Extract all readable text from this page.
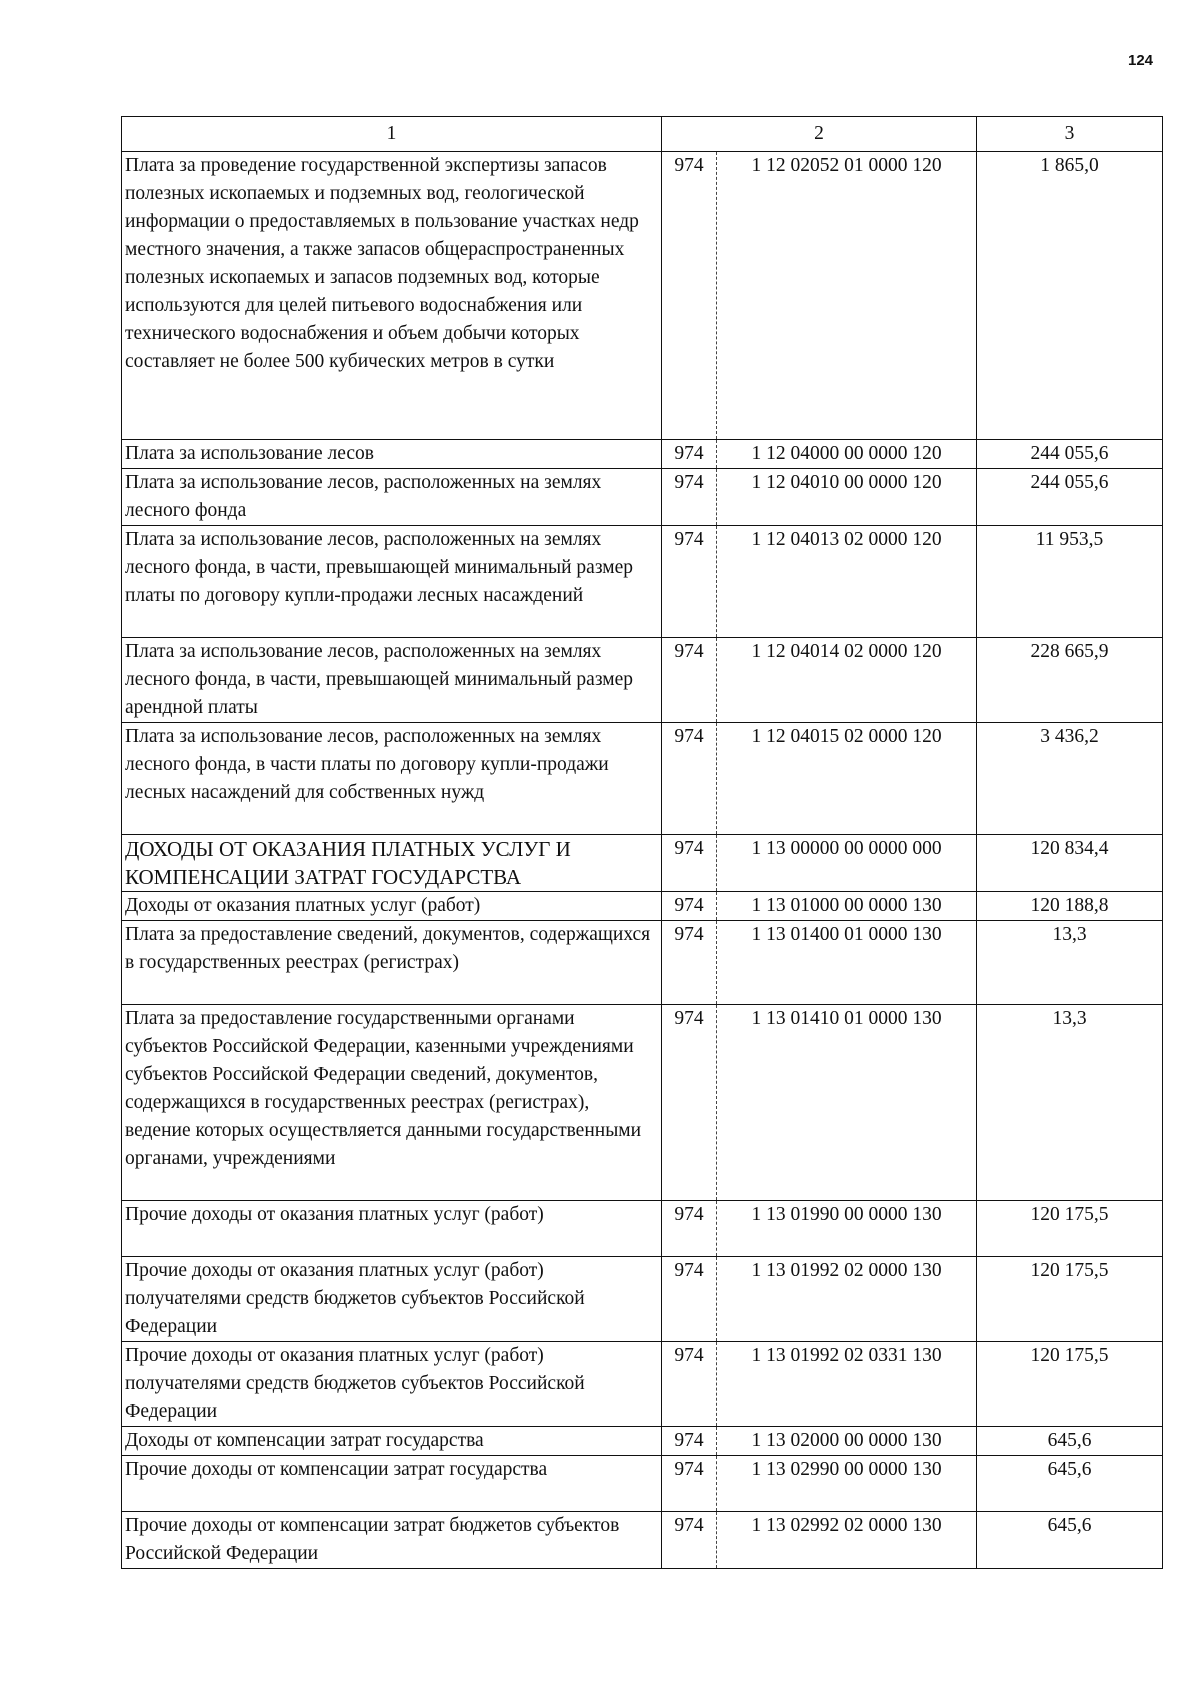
124
1	2		3
Плата за проведение государственной экспертизы запасов полезных ископаемых и подземных вод, геологической информации о предоставляемых в пользование участках недр местного значения, а также запасов общераспространенных полезных ископаемых и запасов подземных вод, которые используются для целей питьевого водоснабжения или технического водоснабжения и объем добычи которых составляет не более 500 кубических метров в сутки	974	1 12 02052 01 0000 120	1 865,0
Плата за использование лесов	974	1 12 04000 00 0000 120	244 055,6
Плата за использование лесов, расположенных на землях лесного фонда	974	1 12 04010 00 0000 120	244 055,6
Плата за использование лесов, расположенных на землях лесного фонда, в части, превышающей минимальный размер платы по договору купли-продажи лесных насаждений	974	1 12 04013 02 0000 120	11 953,5
Плата за использование лесов, расположенных на землях лесного фонда, в части, превышающей минимальный размер арендной платы	974	1 12 04014 02 0000 120	228 665,9
Плата за использование лесов, расположенных на землях лесного фонда, в части платы по договору купли-продажи лесных насаждений для собственных нужд	974	1 12 04015 02 0000 120	3 436,2
ДОХОДЫ ОТ ОКАЗАНИЯ ПЛАТНЫХ УСЛУГ И КОМПЕНСАЦИИ ЗАТРАТ ГОСУДАРСТВА	974	1 13 00000 00 0000 000	120 834,4
Доходы от оказания платных услуг (работ)	974	1 13 01000 00 0000 130	120 188,8
Плата за предоставление сведений, документов, содержащихся в государственных реестрах (регистрах)	974	1 13 01400 01 0000 130	13,3
Плата за предоставление государственными органами субъектов Российской Федерации, казенными учреждениями субъектов Российской Федерации сведений, документов, содержащихся в государственных реестрах (регистрах), ведение которых осуществляется данными государственными органами, учреждениями	974	1 13 01410 01 0000 130	13,3
Прочие доходы от оказания платных услуг (работ)	974	1 13 01990 00 0000 130	120 175,5
Прочие доходы от оказания платных услуг (работ) получателями средств бюджетов субъектов Российской Федерации	974	1 13 01992 02 0000 130	120 175,5
Прочие доходы от оказания платных услуг (работ) получателями средств бюджетов субъектов Российской Федерации	974	1 13 01992 02 0331 130	120 175,5
Доходы от компенсации затрат государства	974	1 13 02000 00 0000 130	645,6
Прочие доходы от компенсации затрат государства	974	1 13 02990 00 0000 130	645,6
Прочие доходы от компенсации затрат бюджетов субъектов Российской Федерации	974	1 13 02992 02 0000 130	645,6
